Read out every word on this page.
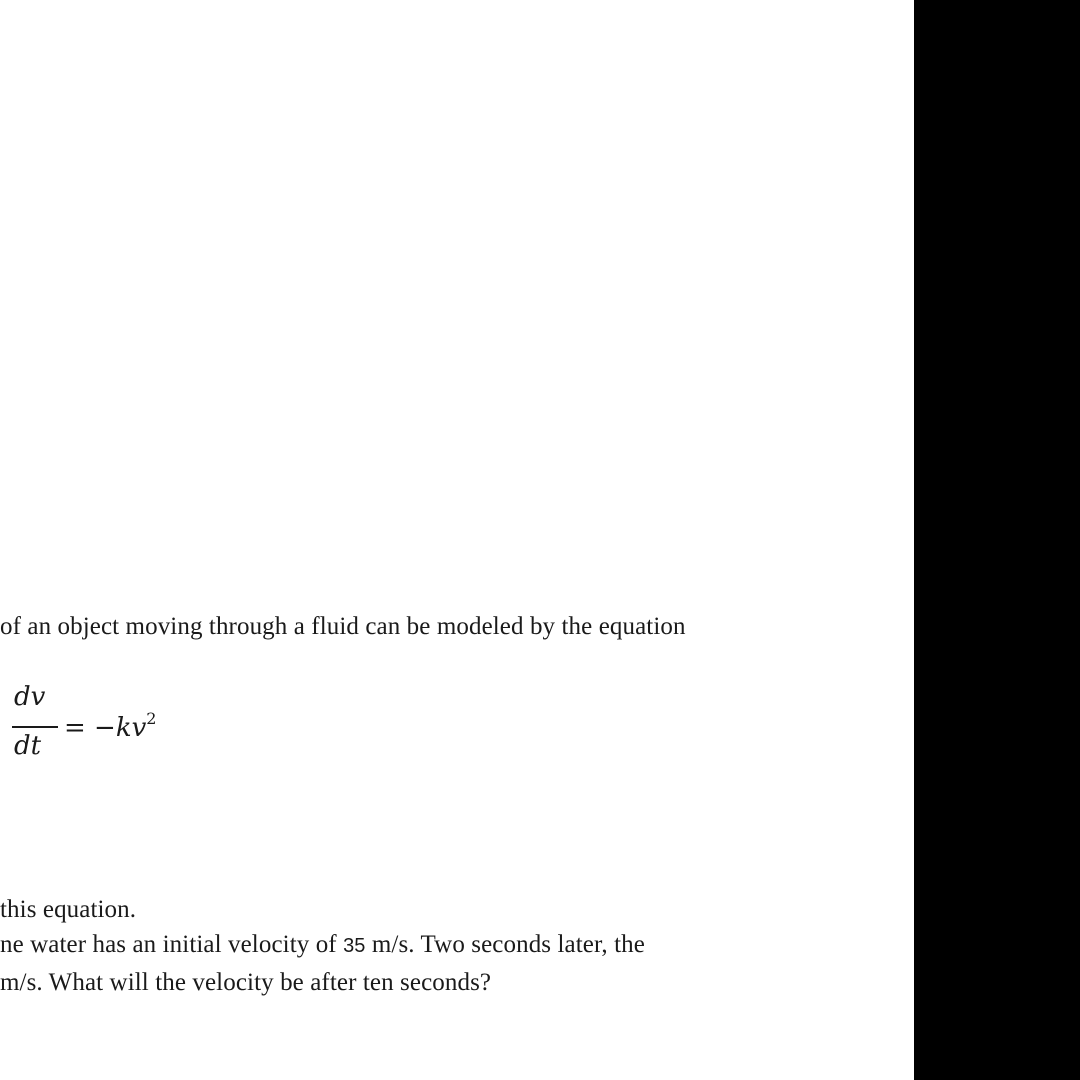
of an object moving through a fluid can be modeled by the equation
dv
dt
= $-kv^2$
this equation.
ne water has an initial velocity of 35 m/s. Two seconds later, the
m/s. What will the velocity be after ten seconds?
